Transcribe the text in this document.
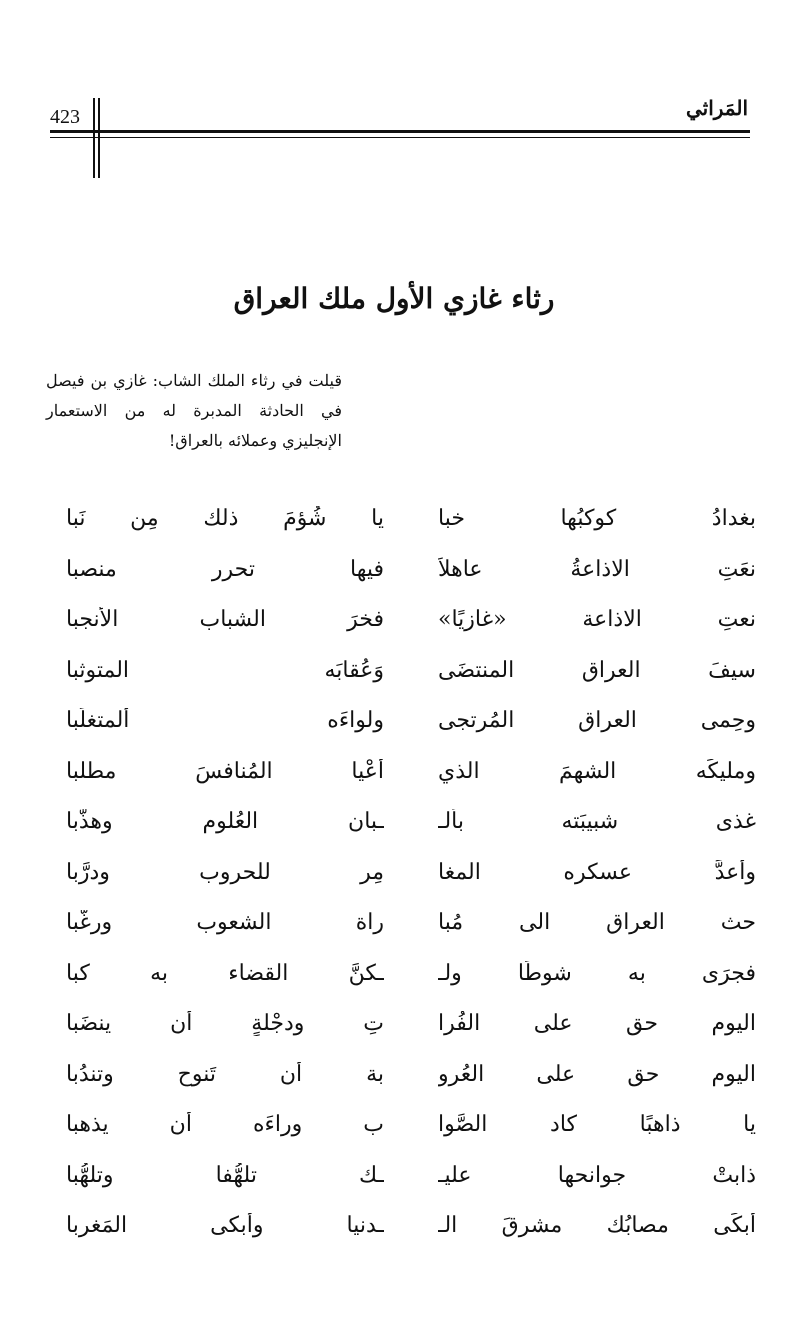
المَراثي
423
رثاء غازي الأول ملك العراق

قيلت في رثاء الملك الشاب: غازي بن فيصل في الحادثة المدبرة له من الاستعمار الإنجليزي وعملائه بالعراق!

بغدادُ كوكبُها خبا
يا شُؤمَ ذلك مِن نَبا
نعَتِ الاذاعةُ عاهلاً
فيها تحرر منصبا
نعتِ الاذاعة «غازيًا»
فخرَ الشباب الأنجبا
سيفَ العراق المنتضَى
وَعُقابَه المتوثبا
وحِمى العراق المُرتجى
ولواءَه ألمتغلِّبا
ومليكَه الشهمَ الذي
أعْيا المُنافسَ مطلبا
غذى شبيبَته بألـ
ـبان العُلوم وهذَّبا
وأعدَّ عسكره المغا
مِر للحروب ودرَّبا
حث العراق الى مُبا
راة الشعوب ورغَّبا
فجرَى به شوطًا ولـ
ـكنَّ القضاء به كبا
اليوم حق على الفُرا
تِ ودجْلةٍ أن ينضَبا
اليوم حق على العُرو
بة أن تَنوح وتندُبا
يا ذاهبًا كاد الصَّوا
ب وراءَه أن يذهبا
ذابتْ جوانحها عليـ
ـك تلهُّفا وتلهُّبا
أبكَى مصابُك مشرقَ الـ
ـدنيا وأبكى المَغربا
